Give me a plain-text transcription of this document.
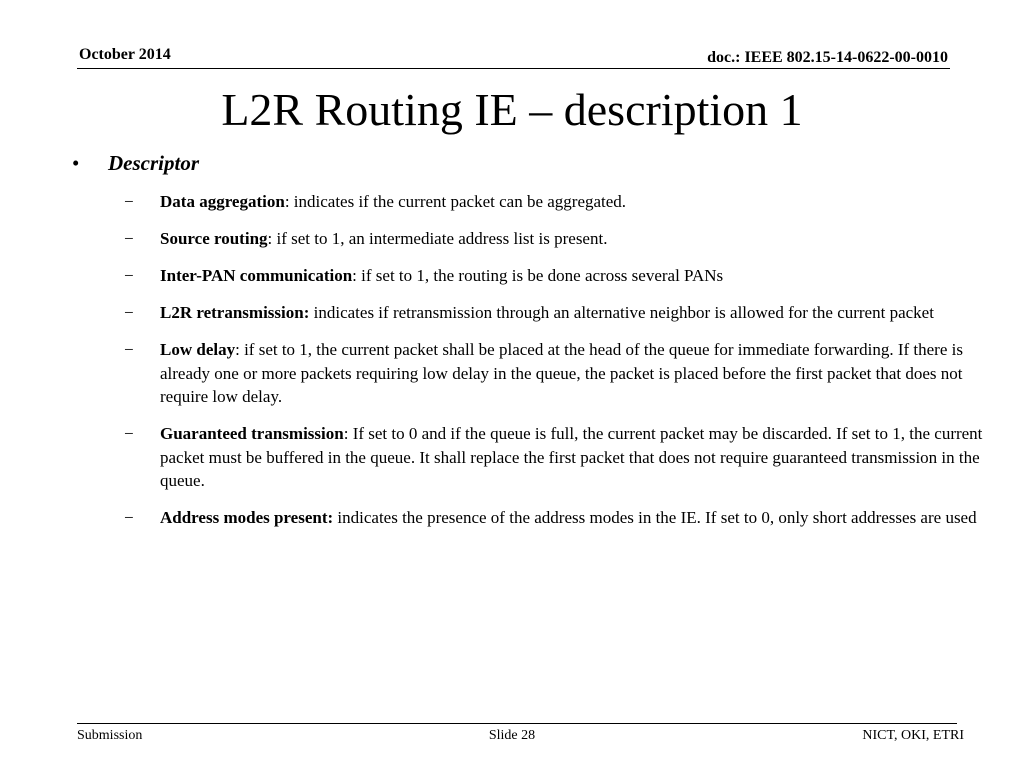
October 2014	doc.: IEEE 802.15-14-0622-00-0010
L2R Routing IE – description 1
• Descriptor
−	Data aggregation: indicates if the current packet can be aggregated.
−	Source routing: if set to 1, an intermediate address list is present.
−	Inter-PAN communication: if set to 1, the routing is be done across several PANs
−	L2R retransmission: indicates if retransmission through an alternative neighbor is allowed for the current packet
−	Low delay: if set to 1, the current packet shall be placed at the head of the queue for immediate forwarding. If there is already one or more packets requiring low delay in the queue, the packet is placed before the first packet that does not require low delay.
−	Guaranteed transmission: If set to 0 and if the queue is full, the current packet may be discarded. If set to 1, the current packet must be buffered in the queue. It shall replace the first packet that does not require guaranteed transmission in the queue.
−	Address modes present: indicates the presence of the address modes in the IE. If set to 0, only short addresses are used
Submission	Slide 28	NICT, OKI, ETRI
